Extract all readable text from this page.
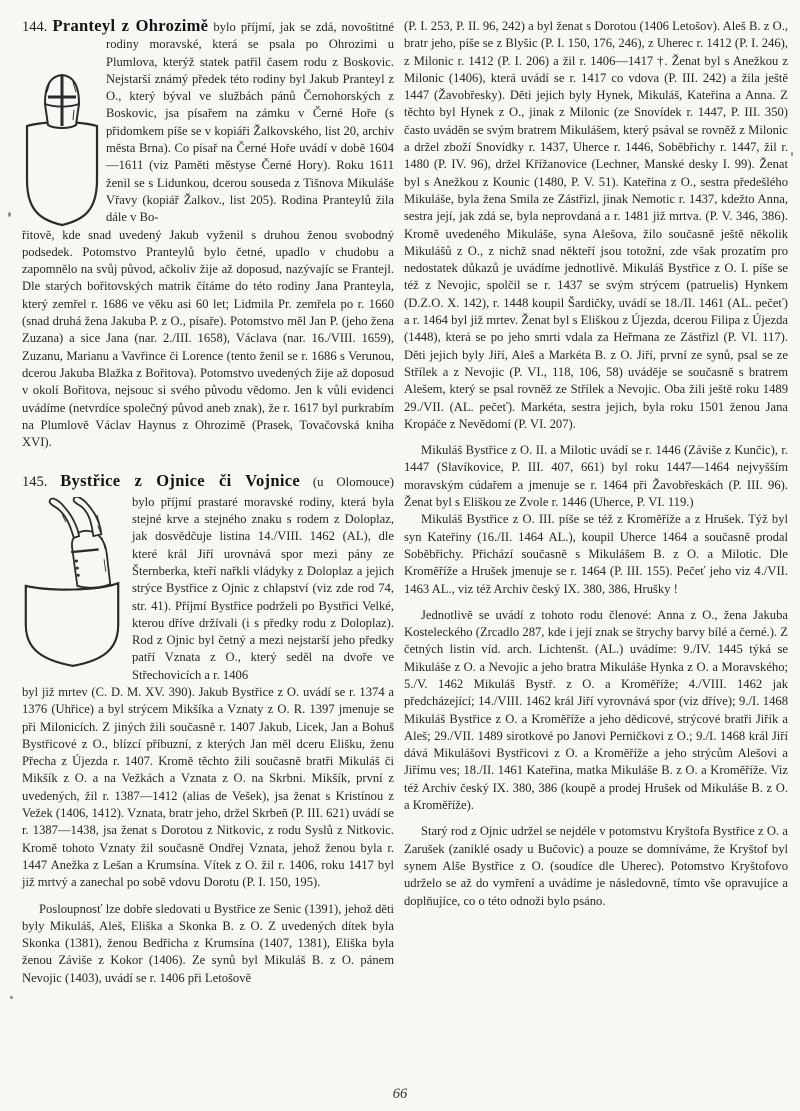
144. Pranteyl z Ohrozimě bylo příjmí, jak se zdá, novoštitné rodiny moravské, která se psala po Ohrozimi u Plumlova, kterýž statek patřil časem rodu z Boskovic. Nejstarší známý předek této rodiny byl Jakub Pranteyl z O., který býval ve službách pánů Černohorských z Boskovic, jsa písařem na zámku v Černé Hoře (s přidomkem píše se v kopiáři Žalkovského, list 20, archiv města Brna). Co písař na Černé Hoře uvádí v době 1604—1611 (viz Paměti městyse Černé Hory). Roku 1611 ženil se s Lidunkou, dcerou souseda z Tišnova Mikuláše Vřavy (kopiář Žalkov., list 205). Rodina Pranteylů žila dále v Bo-

řitově, kde snad uvedený Jakub vyženil s druhou ženou svobodný podsedek. Potomstvo Pranteylů bylo četné, upadlo v chudobu a zapomnělo na svůj původ, ačkoliv žije až doposud, nazývajíc se Frantejl. Dle starých bořitovských matrik čítáme do této rodiny Jana Pranteyla, který zemřel r. 1686 ve věku asi 60 let; Lidmila Pr. zemřela po r. 1660 (snad druhá žena Jakuba P. z O., písaře). Potomstvo měl Jan P. (jeho žena Zuzana) a sice Jana (nar. 2./III. 1658), Václava (nar. 16./VIII. 1659), Zuzanu, Marianu a Vavřince či Lorence (tento ženil se r. 1686 s Verunou, dcerou Jakuba Blažka z Bořitova). Potomstvo uvedených žije až doposud v okolí Bořitova, nejsouc si svého původu vědomo. Jen k vůli evidenci uvádíme (netvrdíce společný původ aneb znak), že r. 1617 byl purkrabím na Plumlově Václav Haynus z Ohrozimě (Prasek, Tovačovská kniha XVI).

145. Bystřice z Ojnice či Vojnice (u Olomouce)

bylo příjmí prastaré moravské rodiny, která byla stejné krve a stejného znaku s rodem z Doloplaz, jak dosvědčuje listina 14./VIII. 1462 (AL), dle které král Jiří urovnává spor mezi pány ze Šternberka, kteří nařkli vládyky z Doloplaz a jejich strýce Bystřice z Ojnic z chlapství (viz zde rod 74, str. 41). Příjmí Bystřice podrželi po Bystřici Velké, kterou dříve držívali (i s předky rodu z Doloplaz). Rod z Ojnic byl četný a mezi nejstarší jeho předky patří Vznata z O., který seděl na dvoře ve Střechovicích a r. 1406

byl již mrtev (C. D. M. XV. 390). Jakub Bystřice z O. uvádí se r. 1374 a 1376 (Uhřice) a byl strýcem Mikšíka a Vznaty z O. R. 1397 jmenuje se při Milonicích. Z jiných žili současně r. 1407 Jakub, Licek, Jan a Bohuš Bystřicové z O., blízcí příbuzní, z kterých Jan měl dceru Elišku, ženu Přecha z Újezda r. 1407. Kromě těchto žili současně bratři Mikuláš či Mikšík z O. a na Vežkách a Vznata z O. na Skrbni. Mikšík, první z uvedených, žil r. 1387—1412 (alias de Vešek), jsa ženat s Kristínou z Vežek (1406, 1412). Vznata, bratr jeho, držel Skrbeň (P. III. 621) uvádí se r. 1387—1438, jsa ženat s Dorotou z Nitkovic, z rodu Syslů z Nitkovic. Kromě tohoto Vznaty žil současně Ondřej Vznata, jehož ženou byla r. 1447 Anežka z Lešan a Krumsína. Vítek z O. žil r. 1406, roku 1417 byl již mrtvý a zanechal po sobě vdovu Dorotu (P. I. 150, 195).

Posloupnosť lze dobře sledovati u Bystřice ze Senic (1391), jehož děti byly Mikuláš, Aleš, Eliška a Skonka B. z O. Z uvedených dítek byla Skonka (1381), ženou Bedřicha z Krumsína (1407, 1381), Eliška byla ženou Záviše z Kokor (1406). Ze synů byl Mikuláš B. z O. pánem Nevojic (1403), uvádí se r. 1406 při Letošově

(P. I. 253, P. II. 96, 242) a byl ženat s Dorotou (1406 Letošov). Aleš B. z O., bratr jeho, píše se z Blyšic (P. I. 150, 176, 246), z Uherec r. 1412 (P. I. 246), z Milonic r. 1412 (P. I. 206) a žil r. 1406—1417 †. Ženat byl s Anežkou z Milonic (1406), která uvádí se r. 1417 co vdova (P. III. 242) a žila ještě 1447 (Žavobřesky). Děti jejich byly Hynek, Mikuláš, Kateřina a Anna. Z těchto byl Hynek z O., jinak z Milonic (ze Snovídek r. 1447, P. III. 350) často uváděn se svým bratrem Mikulášem, který psával se rovněž z Milonic a držel zboží Snovídky r. 1437, Uherce r. 1446, Soběbřichy r. 1447, žil r. 1480 (P. IV. 96), držel Křížanovice (Lechner, Manské desky I. 99). Ženat byl s Anežkou z Kounic (1480, P. V. 51). Kateřina z O., sestra předešlého Mikuláše, byla žena Smila ze Zástřizl, jinak Nemotic r. 1437, kdežto Anna, sestra její, jak zdá se, byla neprovdaná a r. 1481 již mrtva. (P. V. 346, 386). Kromě uvedeného Mikuláše, syna Alešova, žilo současně ještě několik Mikulášů z O., z nichž snad někteří jsou totožní, zde však prozatím pro nedostatek důkazů je uvádíme jednotlivě. Mikuláš Bystřice z O. I. píše se též z Nevojic, spolčil se r. 1437 se svým strýcem (patruelis) Hynkem (D.Z.O. X. 142), r. 1448 koupil Šardičky, uvádí se 18./II. 1461 (AL. pečeť) a r. 1464 byl již mrtev. Ženat byl s Eliškou z Újezda, dcerou Filipa z Újezda (1448), která se po jeho smrti vdala za Heřmana ze Zástřizl (P. VI. 117). Děti jejich byly Jiří, Aleš a Markéta B. z O. Jiří, první ze synů, psal se ze Střílek a z Nevojic (P. VI., 118, 106, 58) uváděje se současně s bratrem Alešem, který se psal rovněž ze Střílek a Nevojic. Oba žili ještě roku 1489 29./VII. (AL. pečeť). Markéta, sestra jejich, byla roku 1501 ženou Jana Kropáče z Nevědomí (P. VI. 207).

Mikuláš Bystřice z O. II. a Milotic uvádí se r. 1446 (Záviše z Kunčic), r. 1447 (Slavíkovice, P. III. 407, 661) byl roku 1447—1464 nejvyšším moravským cúdařem a jmenuje se r. 1464 při Žavobřeskách (P. III. 96). Ženat byl s Eliškou ze Zvole r. 1446 (Uherce, P. VI. 119.)

Mikuláš Bystřice z O. III. píše se též z Kroměříže a z Hrušek. Týž byl syn Kateřiny (16./II. 1464 AL.), koupil Uherce 1464 a současně prodal Soběbřichy. Přichází současně s Mikulášem B. z O. a Milotic. Dle Kroměříže a Hrušek jmenuje se r. 1464 (P. III. 155). Pečeť jeho viz 4./VII. 1463 AL., viz též Archiv český IX. 380, 386, Hrušky !

Jednotlivě se uvádí z tohoto rodu členové: Anna z O., žena Jakuba Kosteleckého (Zrcadlo 287, kde i její znak se štrychy barvy bílé a černé.). Z četných listin víd. arch. Lichtenšt. (AL.) uvádíme: 9./IV. 1445 týká se Mikuláše z O. a Nevojic a jeho bratra Mikuláše Hynka z O. a Moravského; 5./V. 1462 Mikuláš Bystř. z O. a Kroměříže; 4./VIII. 1462 jak předcházející; 14./VIII. 1462 král Jiří vyrovnává spor (viz dříve); 9./I. 1468 Mikuláš Bystřice z O. a Kroměříže a jeho dědicové, strýcové bratři Jiřík a Aleš; 29./VII. 1489 sirotkové po Janovi Perničkovi z O.; 9./I. 1468 král Jiří dává Mikulášovi Bystřicovi z O. a Kroměříže a jeho strýcům Alešovi a Jiřímu ves; 18./II. 1461 Kateřina, matka Mikuláše B. z O. a Kroměříže. Viz též Archiv český IX. 380, 386 (koupě a prodej Hrušek od Mikuláše B. z O. a Kroměříže).

Starý rod z Ojnic udržel se nejdéle v potomstvu Kryštofa Bystřice z O. a Zarušek (zaniklé osady u Bučovic) a pouze se domníváme, že Kryštof byl synem Alše Bystřice z O. (soudíce dle Uherec). Potomstvo Kryštofovo udrželo se až do vymření a uvádíme je následovně, tímto vše opravujíce a doplňujíce, co o této odnoži bylo psáno.

66
